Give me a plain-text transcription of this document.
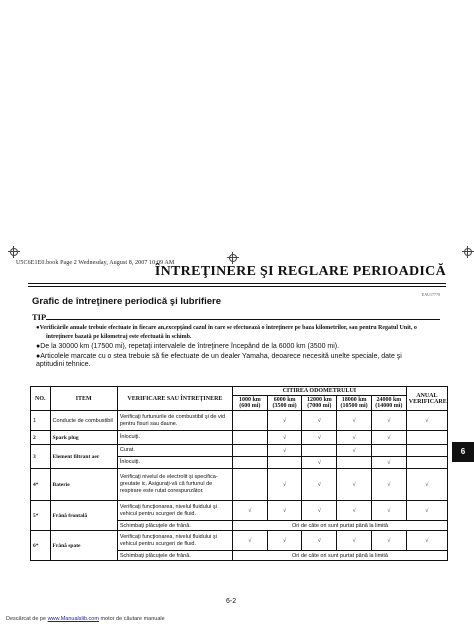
U5C6E1E0.book Page 2 Wednesday, August 8, 2007 10:09 AM
ÎNTREŢINERE ŞI REGLARE PERIOADICĂ
EAU17770
Grafic de întreţinere periodică şi lubrifiere
TIP
●Verificările anuale trebuie efectuate în fiecare an,excepţând cazul în care se efectuează o întreţinere pe baza kilometrilor, sau pentru Regatul Unit, o
întreţinere bazată pe kilometraj este efectuată în schimb.
●De la 30000 km (17500 mi), repetaţi intervalele de întreţinere începând de la 6000 km (3500 mi).
●Articolele marcate cu o stea trebuie să fie efectuate de un dealer Yamaha, deoarece necesită unelte speciale, date şi aptitudini tehnice.
NO.	ITEM	VERIFICARE SAU ÎNTREŢINERE	CITIREA ODOMETRULUI					ANUAL VERIFICARE
			1000 km (600 mi)	6000 km (3500 mi)	12000 km (7000 mi)	18000 km (10500 mi)	24000 km (14000 mi)	
1	Conducte de combustibil	Verificaţi furtunurile de combustibil şi de vid pentru fisuri sau daune.		√	√	√	√	√
2	Spark plug	Înlocuiţi.		√	√	√	√	
3	Element filtrant aer	Curat.		√		√		
		Înlocuiţi.			√		√	
4*	Baterie	Verificaţi nivelul de electrolit şi specifica-greutate ic. Asiguraţi-vă că furtunul de respirare este rutat corespunzător.		√	√	√	√	√
5*	Frână frontală	Verificaţi funcţionarea, nivelul fluidului şi vehicul pentru scurgeri de fluid.	√	√	√	√	√	√
		Schimbaţi plăcuţele de frână.	Ori de câte ori sunt purtat până la limită					
6*	Frână spate	Verificaţi funcţionarea, nivelul fluidului şi vehicul pentru scurgeri de fluid.	√	√	√	√	√	√
		Schimbaţi plăcuţele de frână.	Ori de câte ori sunt purtat până la limită					
6
6-2
Descărcat de pe www.Manualslib.com motor de căutare manuale
